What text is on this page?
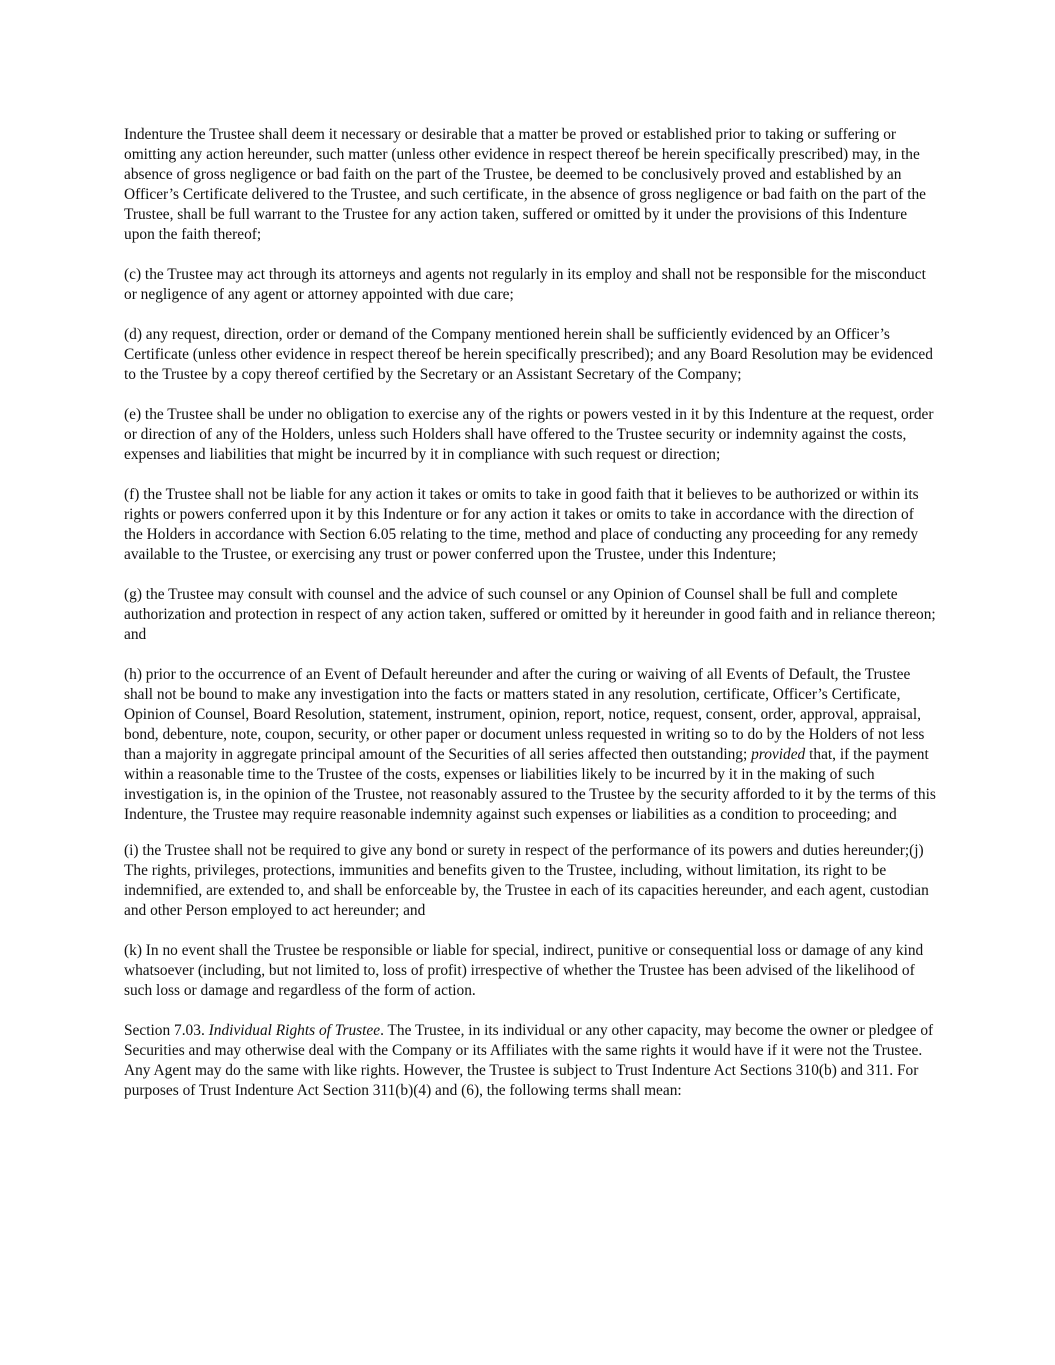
Indenture the Trustee shall deem it necessary or desirable that a matter be proved or established prior to taking or suffering or omitting any action hereunder, such matter (unless other evidence in respect thereof be herein specifically prescribed) may, in the absence of gross negligence or bad faith on the part of the Trustee, be deemed to be conclusively proved and established by an Officer’s Certificate delivered to the Trustee, and such certificate, in the absence of gross negligence or bad faith on the part of the Trustee, shall be full warrant to the Trustee for any action taken, suffered or omitted by it under the provisions of this Indenture upon the faith thereof;

(c) the Trustee may act through its attorneys and agents not regularly in its employ and shall not be responsible for the misconduct or negligence of any agent or attorney appointed with due care;

(d) any request, direction, order or demand of the Company mentioned herein shall be sufficiently evidenced by an Officer’s Certificate (unless other evidence in respect thereof be herein specifically prescribed); and any Board Resolution may be evidenced to the Trustee by a copy thereof certified by the Secretary or an Assistant Secretary of the Company;

(e) the Trustee shall be under no obligation to exercise any of the rights or powers vested in it by this Indenture at the request, order or direction of any of the Holders, unless such Holders shall have offered to the Trustee security or indemnity against the costs, expenses and liabilities that might be incurred by it in compliance with such request or direction;

(f) the Trustee shall not be liable for any action it takes or omits to take in good faith that it believes to be authorized or within its rights or powers conferred upon it by this Indenture or for any action it takes or omits to take in accordance with the direction of the Holders in accordance with Section 6.05 relating to the time, method and place of conducting any proceeding for any remedy available to the Trustee, or exercising any trust or power conferred upon the Trustee, under this Indenture;

(g) the Trustee may consult with counsel and the advice of such counsel or any Opinion of Counsel shall be full and complete authorization and protection in respect of any action taken, suffered or omitted by it hereunder in good faith and in reliance thereon; and

(h) prior to the occurrence of an Event of Default hereunder and after the curing or waiving of all Events of Default, the Trustee shall not be bound to make any investigation into the facts or matters stated in any resolution, certificate, Officer’s Certificate, Opinion of Counsel, Board Resolution, statement, instrument, opinion, report, notice, request, consent, order, approval, appraisal, bond, debenture, note, coupon, security, or other paper or document unless requested in writing so to do by the Holders of not less than a majority in aggregate principal amount of the Securities of all series affected then outstanding; provided that, if the payment within a reasonable time to the Trustee of the costs, expenses or liabilities likely to be incurred by it in the making of such investigation is, in the opinion of the Trustee, not reasonably assured to the Trustee by the security afforded to it by the terms of this Indenture, the Trustee may require reasonable indemnity against such expenses or liabilities as a condition to proceeding; and

(i) the Trustee shall not be required to give any bond or surety in respect of the performance of its powers and duties hereunder;(j) The rights, privileges, protections, immunities and benefits given to the Trustee, including, without limitation, its right to be indemnified, are extended to, and shall be enforceable by, the Trustee in each of its capacities hereunder, and each agent, custodian and other Person employed to act hereunder; and

(k) In no event shall the Trustee be responsible or liable for special, indirect, punitive or consequential loss or damage of any kind whatsoever (including, but not limited to, loss of profit) irrespective of whether the Trustee has been advised of the likelihood of such loss or damage and regardless of the form of action.

Section 7.03. Individual Rights of Trustee. The Trustee, in its individual or any other capacity, may become the owner or pledgee of Securities and may otherwise deal with the Company or its Affiliates with the same rights it would have if it were not the Trustee. Any Agent may do the same with like rights. However, the Trustee is subject to Trust Indenture Act Sections 310(b) and 311. For purposes of Trust Indenture Act Section 311(b)(4) and (6), the following terms shall mean:
